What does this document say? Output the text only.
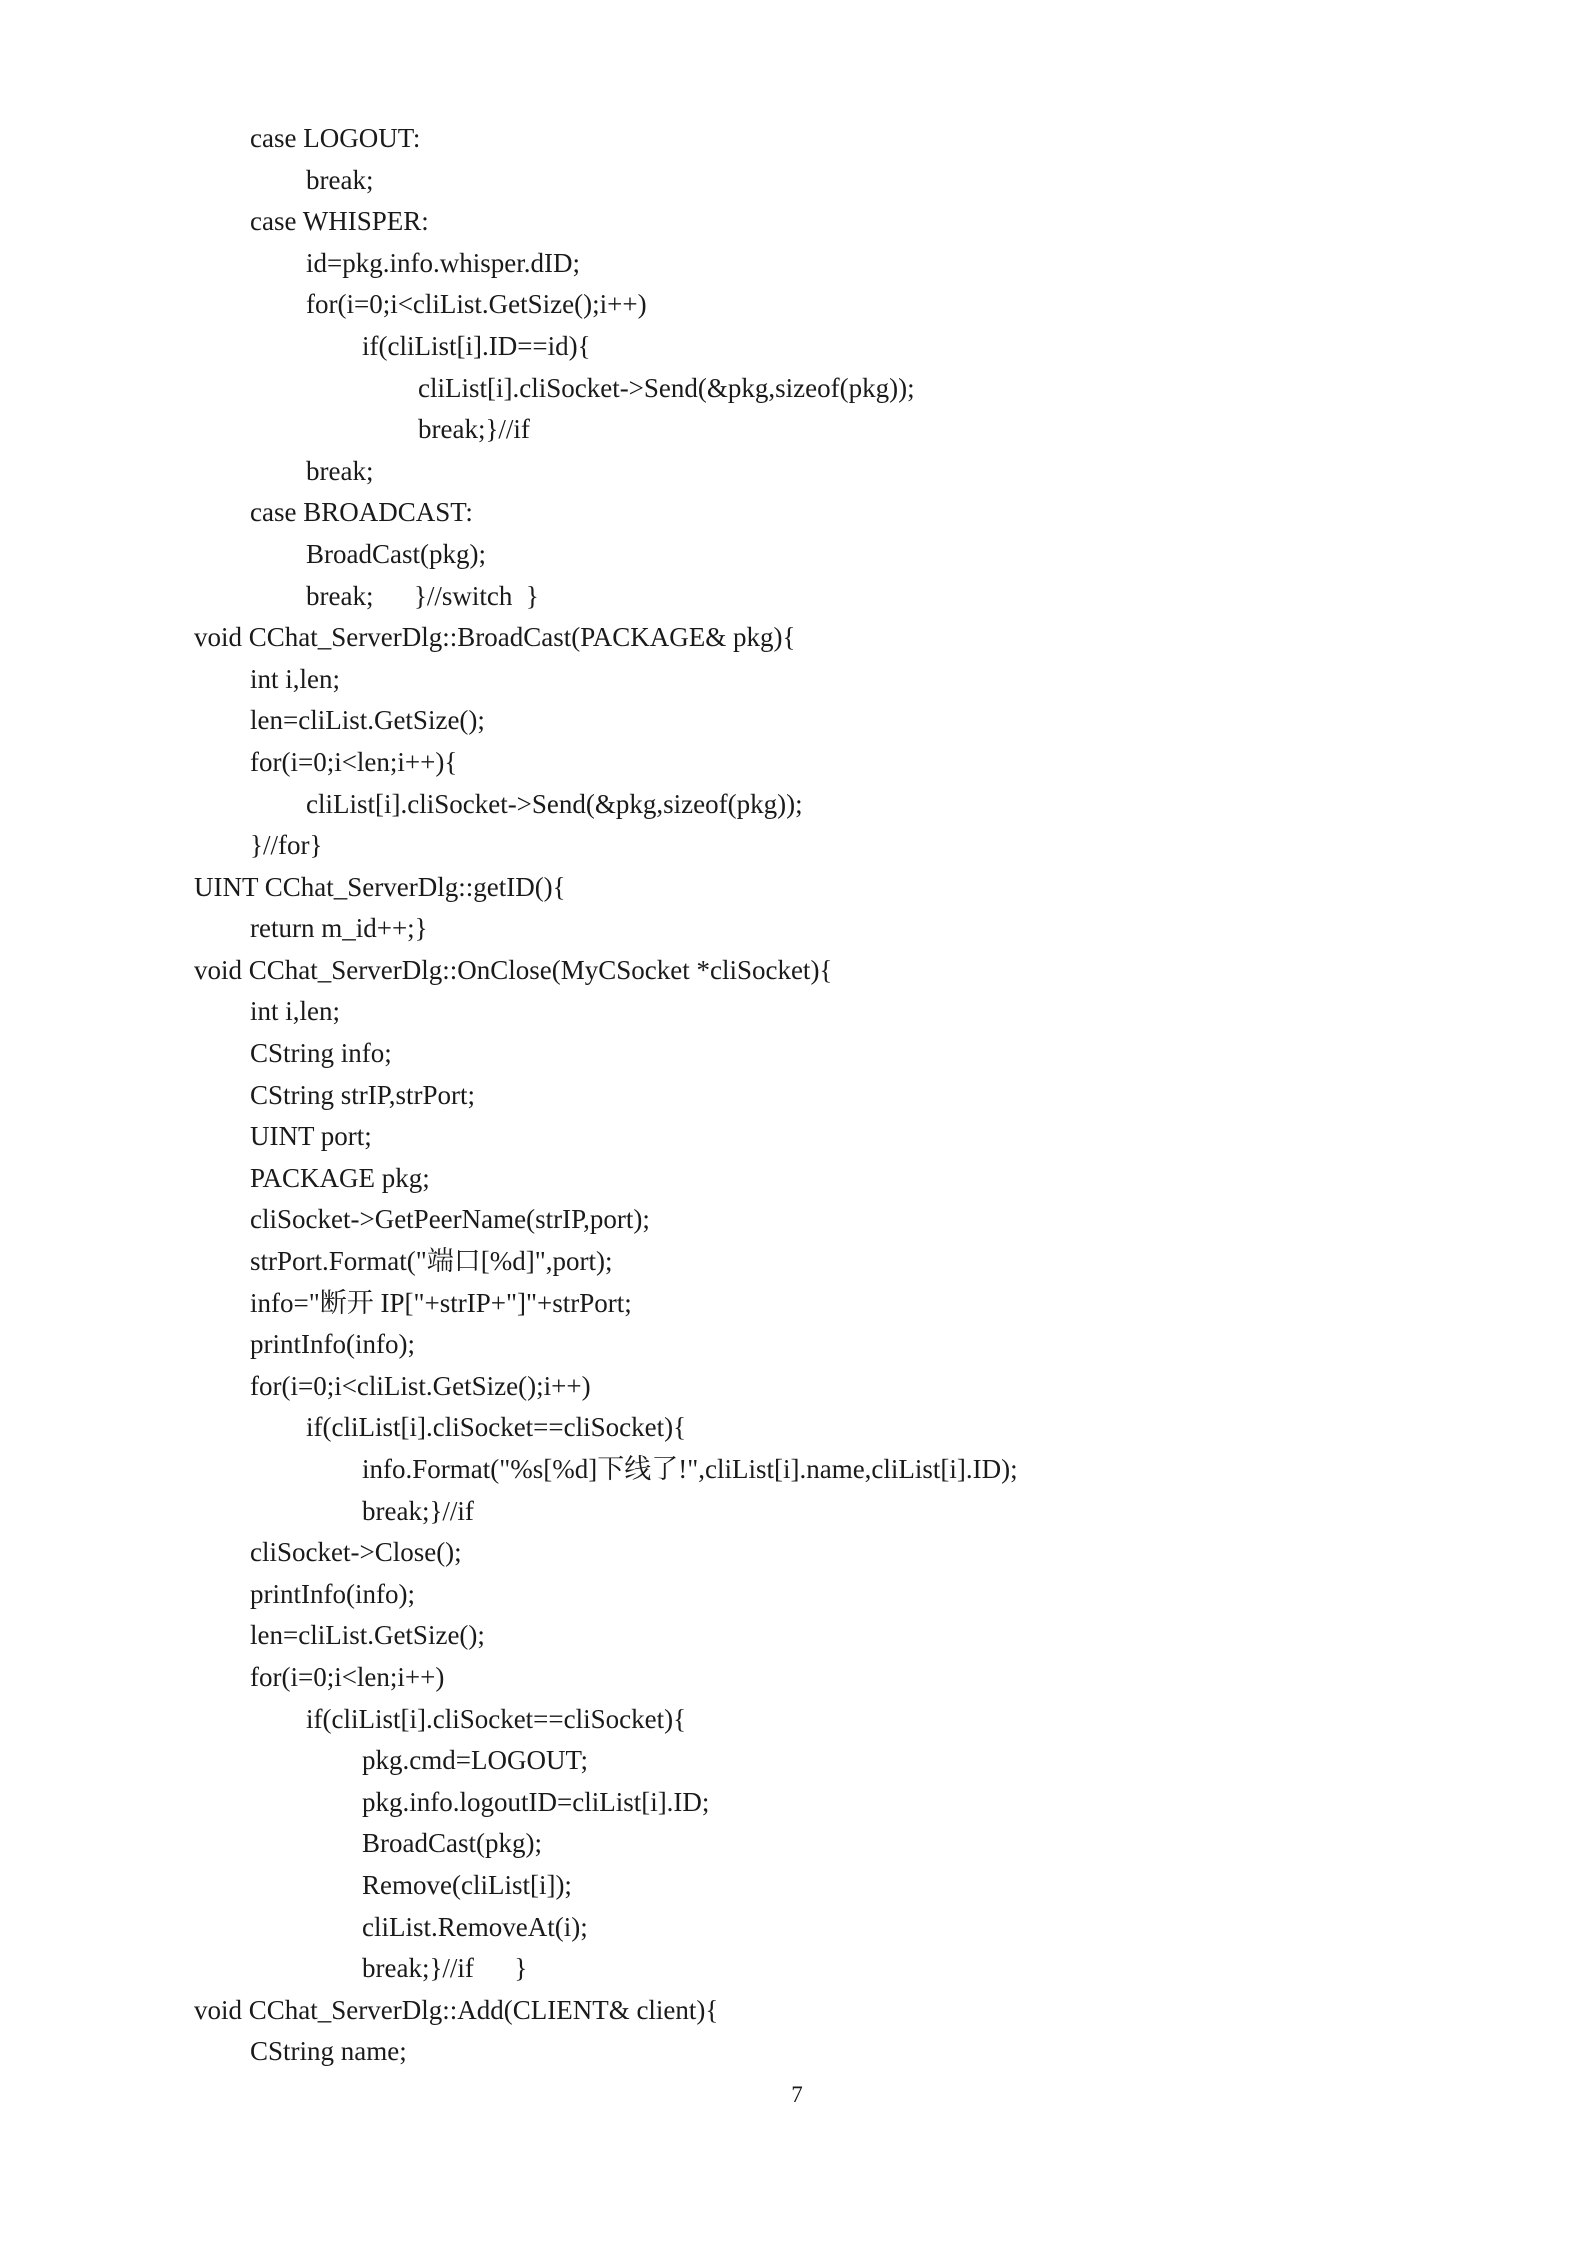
case LOGOUT:
break;
case WHISPER:
id=pkg.info.whisper.dID;
for(i=0;i<cliList.GetSize();i++)
if(cliList[i].ID==id){
cliList[i].cliSocket->Send(&pkg,sizeof(pkg));
break;}//if
break;
case BROADCAST:
BroadCast(pkg);
break;      }//switch  }
void CChat_ServerDlg::BroadCast(PACKAGE& pkg){
int i,len;
len=cliList.GetSize();
for(i=0;i<len;i++){
cliList[i].cliSocket->Send(&pkg,sizeof(pkg));
}//for}
UINT CChat_ServerDlg::getID(){
return m_id++;}
void CChat_ServerDlg::OnClose(MyCSocket *cliSocket){
int i,len;
CString info;
CString strIP,strPort;
UINT port;
PACKAGE pkg;
cliSocket->GetPeerName(strIP,port);
strPort.Format("端口[%d]",port);
info="断开 IP["+strIP+"]"+strPort;
printInfo(info);
for(i=0;i<cliList.GetSize();i++)
if(cliList[i].cliSocket==cliSocket){
info.Format("%s[%d]下线了!",cliList[i].name,cliList[i].ID);
break;}//if
cliSocket->Close();
printInfo(info);
len=cliList.GetSize();
for(i=0;i<len;i++)
if(cliList[i].cliSocket==cliSocket){
pkg.cmd=LOGOUT;
pkg.info.logoutID=cliList[i].ID;
BroadCast(pkg);
Remove(cliList[i]);
cliList.RemoveAt(i);
break;}//if      }
void CChat_ServerDlg::Add(CLIENT& client){
CString name;
7
